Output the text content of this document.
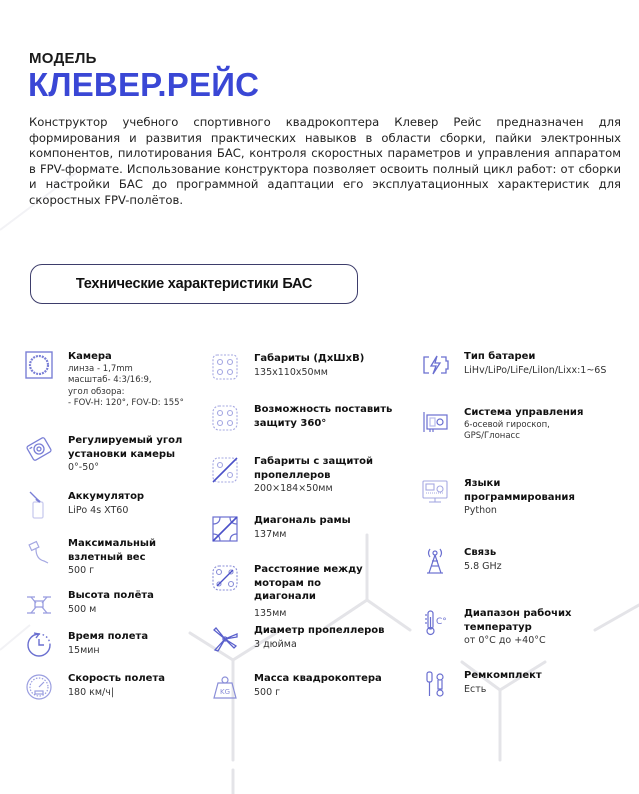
МОДЕЛЬ
КЛЕВЕР.РЕЙС

Конструктор учебного спортивного квадрокоптера Клевер Рейс предназначен для формирования и развития практических навыков в области сборки, пайки электронных компонентов, пилотирования БАС, контроля скоростных параметров и управления аппаратом в FPV-формате. Использование конструктора позволяет освоить полный цикл работ: от сборки и настройки БАС до программной адаптации его эксплуатационных характеристик для скоростных FPV-полётов.

Технические характеристики БАС
Камера
линза - 1,7mm
масштаб- 4:3/16:9,
угол обзора:
- FOV-H: 120°, FOV-D: 155°
Регулируемый угол установки камеры
0°-50°
Аккумулятор
LiPo 4s XT60
Максимальный взлетный вес
500 г
Высота полёта
500 м
Время полета
15мин
Скорость полета
180 км/ч|
Габариты (ДхШхВ)
135x110x50мм
Возможность поставить защиту 360°
Габариты с защитой пропеллеров
200×184×50мм
Диагональ рамы
137мм
Расстояние между моторам по диагонали
135мм
Диаметр пропеллеров
3 дюйма
KG
Масса квадрокоптера
500 г
Тип батареи
LiHv/LiPo/LiFe/LiIon/Lixx:1~6S
Система управления
6-осевой гироскоп,
GPS/Глонасс
Языки программирования
Python
Связь
5.8 GHz
C°
Диапазон рабочих температур
от 0°С до +40°С
Ремкомплект
Есть
